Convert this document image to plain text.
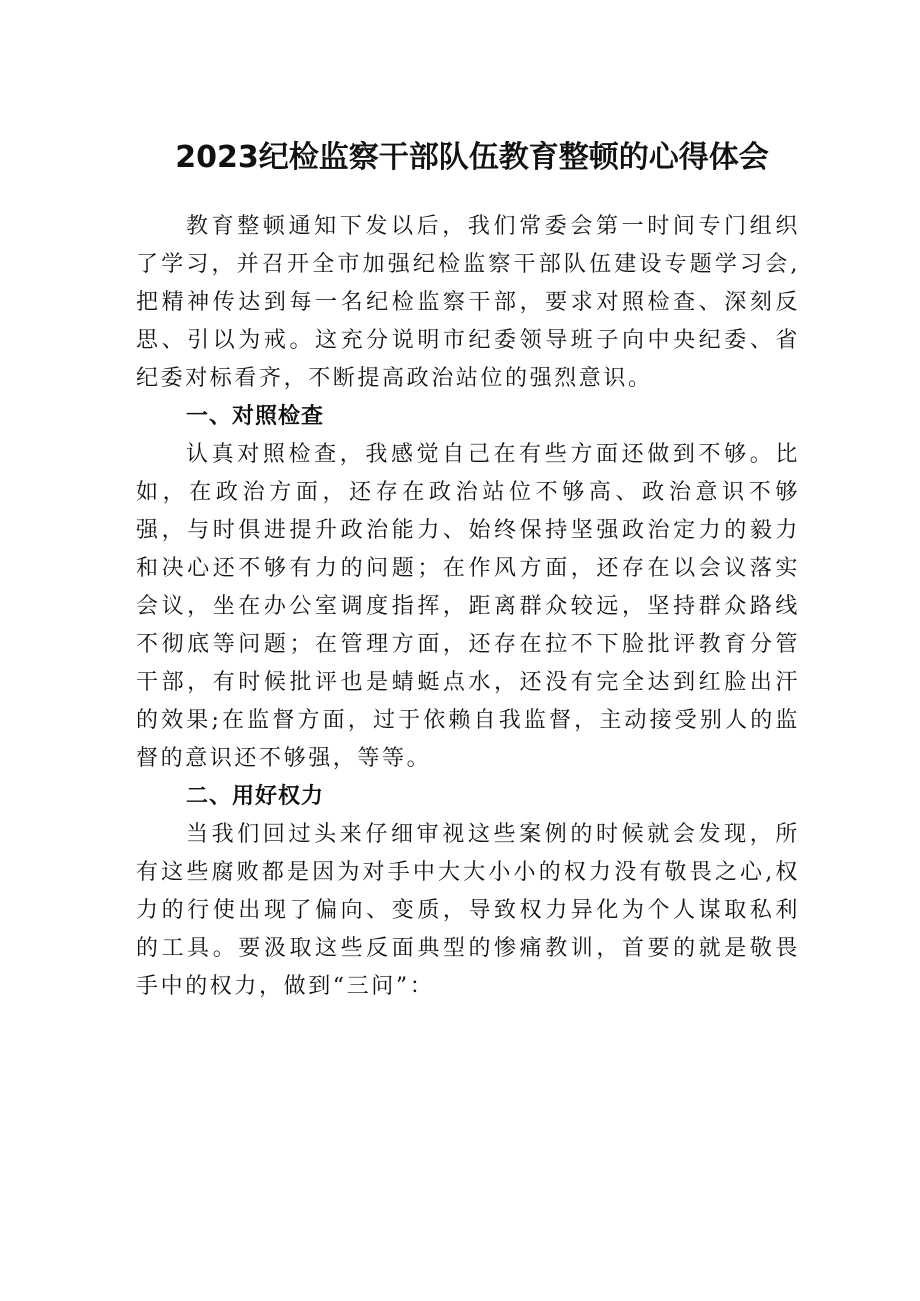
2023纪检监察干部队伍教育整顿的心得体会

教育整顿通知下发以后，我们常委会第一时间专门组织了学习，并召开全市加强纪检监察干部队伍建设专题学习会,把精神传达到每一名纪检监察干部，要求对照检查、深刻反思、引以为戒。这充分说明市纪委领导班子向中央纪委、省纪委对标看齐，不断提高政治站位的强烈意识。

一、对照检查

认真对照检查，我感觉自己在有些方面还做到不够。比如，在政治方面，还存在政治站位不够高、政治意识不够强，与时俱进提升政治能力、始终保持坚强政治定力的毅力和决心还不够有力的问题；在作风方面，还存在以会议落实会议，坐在办公室调度指挥，距离群众较远，坚持群众路线不彻底等问题；在管理方面，还存在拉不下脸批评教育分管干部，有时候批评也是蜻蜓点水，还没有完全达到红脸出汗的效果;在监督方面，过于依赖自我监督，主动接受别人的监督的意识还不够强，等等。

二、用好权力

当我们回过头来仔细审视这些案例的时候就会发现，所有这些腐败都是因为对手中大大小小的权力没有敬畏之心,权力的行使出现了偏向、变质，导致权力异化为个人谋取私利的工具。要汲取这些反面典型的惨痛教训，首要的就是敬畏手中的权力，做到“三问”：
